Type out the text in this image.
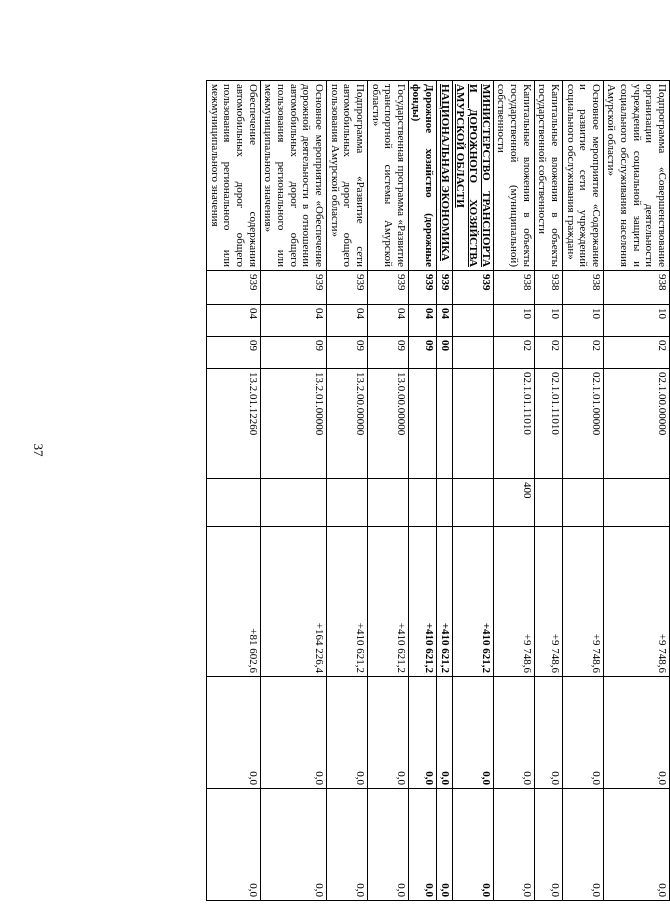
37
Подпрограмма «Совершенствование организации деятельности учреждений социальной защиты и социального обслуживания населения Амурской области»	938	10	02	02.1.00.00000		+9 748,6	0,0	0,0
Основное мероприятие «Содержание и развитие сети учреждений социального обслуживания граждан»	938	10	02	02.1.01.00000		+9 748,6	0,0	0,0
Капитальные вложения в объекты государственной собственности	938	10	02	02.1.01.11010		+9 748,6	0,0	0,0
Капитальные вложения в объекты государственной (муниципальной) собственности	938	10	02	02.1.01.11010	400	+9 748,6	0,0	0,0
МИНИСТЕРСТВО ТРАНСПОРТА И ДОРОЖНОГО ХОЗЯЙСТВА АМУРСКОЙ ОБЛАСТИ	939					+410 621,2	0,0	0,0
НАЦИОНАЛЬНАЯ ЭКОНОМИКА	939	04	00			+410 621,2	0,0	0,0
Дорожное хозяйство (дорожные фонды)	939	04	09			+410 621,2	0,0	0,0
Государственная программа «Развитие транспортной системы Амурской области»	939	04	09	13.0.00.00000		+410 621,2	0,0	0,0
Подпрограмма «Развитие сети автомобильных дорог общего пользования Амурской области»	939	04	09	13.2.00.00000		+410 621,2	0,0	0,0
Основное мероприятие «Обеспечение дорожной деятельности в отношении автомобильных дорог общего пользования регионального или межмуниципального значения»	939	04	09	13.2.01.00000		+164 226,4	0,0	0,0
Обеспечение содержания автомобильных дорог общего пользования регионального или межмуниципального значения	939	04	09	13.2.01.12260		+81 602,6	0,0	0,0
